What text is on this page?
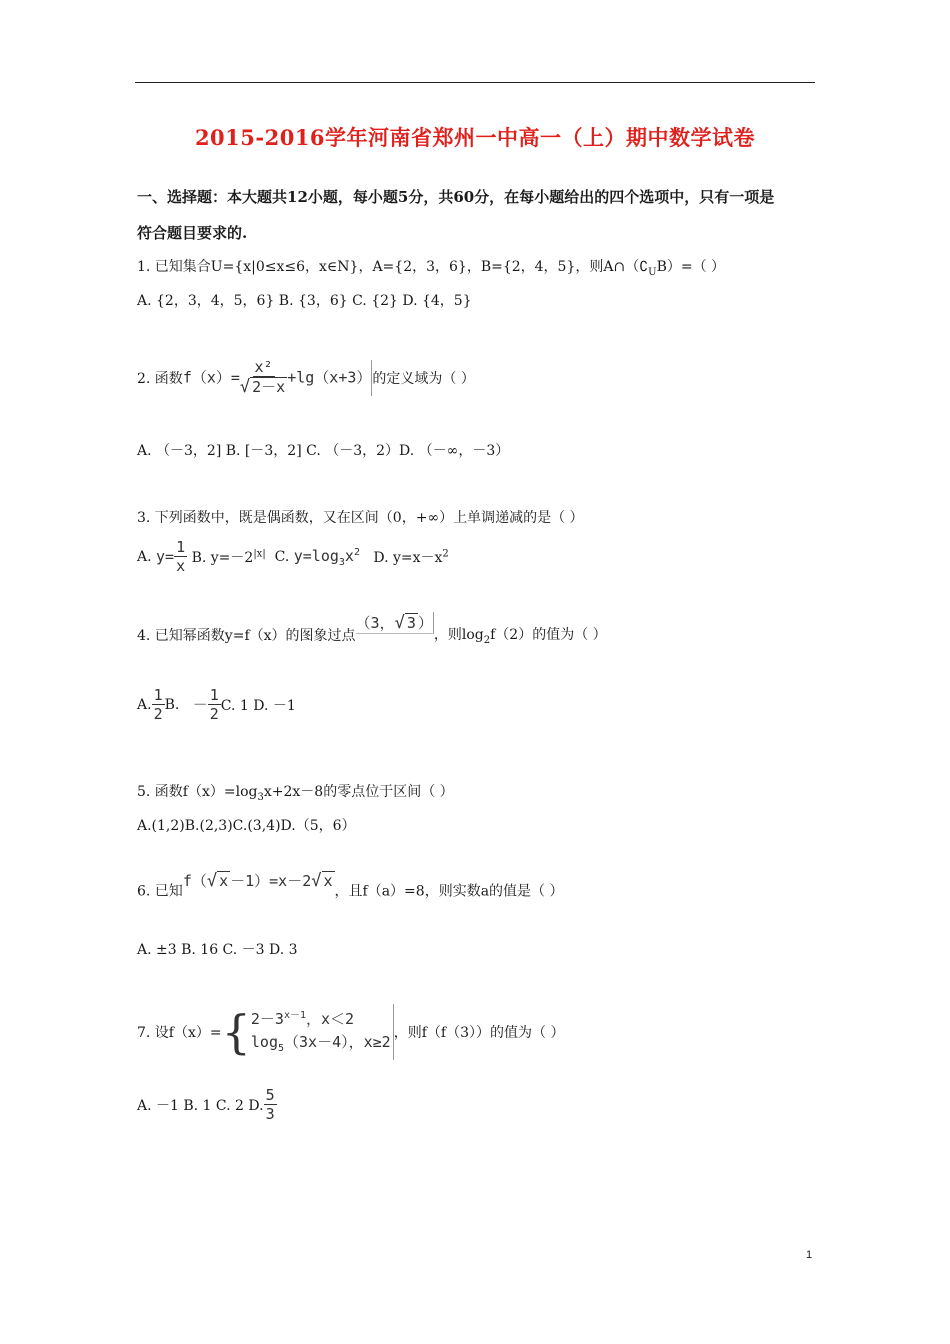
2015-2016学年河南省郑州一中高一（上）期中数学试卷
一、选择题：本大题共12小题，每小题5分，共60分，在每小题给出的四个选项中，只有一项是
符合题目要求的.
1. 已知集合U={x|0≤x≤6，x∈N}，A={2，3，6}，B={2，4，5}，则$A\cap(∁_UB)=$（ ）
A. {2，3，4，5，6} B. {3，6} C. {2} D. {4，5}
2. 函数$f(x)= \frac{\text{x²}}{√ 2-x} +\lg(x+3)$的定义域为（ ）
A. （－3，2] B. [－3，2] C. （－3，2）D. （－∞，－3）
3. 下列函数中，既是偶函数，又在区间（0，+∞）上单调递减的是（ ）
A. $y= \frac{1}{x} B$. $y=-2^{|x|}$ C. $y=\log_3x^2$ D. $y=x-x^2$
4. 已知幂函数y=f（x）的图象过点（3，√ 3 ），则$\log_2f(2)$的值为（ ）
A. $\frac{1}{2} B$. － $\frac{1}{2} C$. 1 D. －1
5. 函数$f(x)=\log_3x+2x-8$的零点位于区间（ ）
A.(1,2)B.(2,3)C.(3,4)D.（5，6）
6. 已知f（√ x －1）=x－2√ x，且f（a）=8，则实数a的值是（ ）
A. ±3 B. 16 C. －3 D. 3
7. 设f（x）={ $2-3^{x-1}$，x＜2
$\log_5(3x-4)$，x≥2 ，则f（f（3））的值为（ ）
A. －1 B. 1 C. 2 D. $\frac{5}{3}$
1
